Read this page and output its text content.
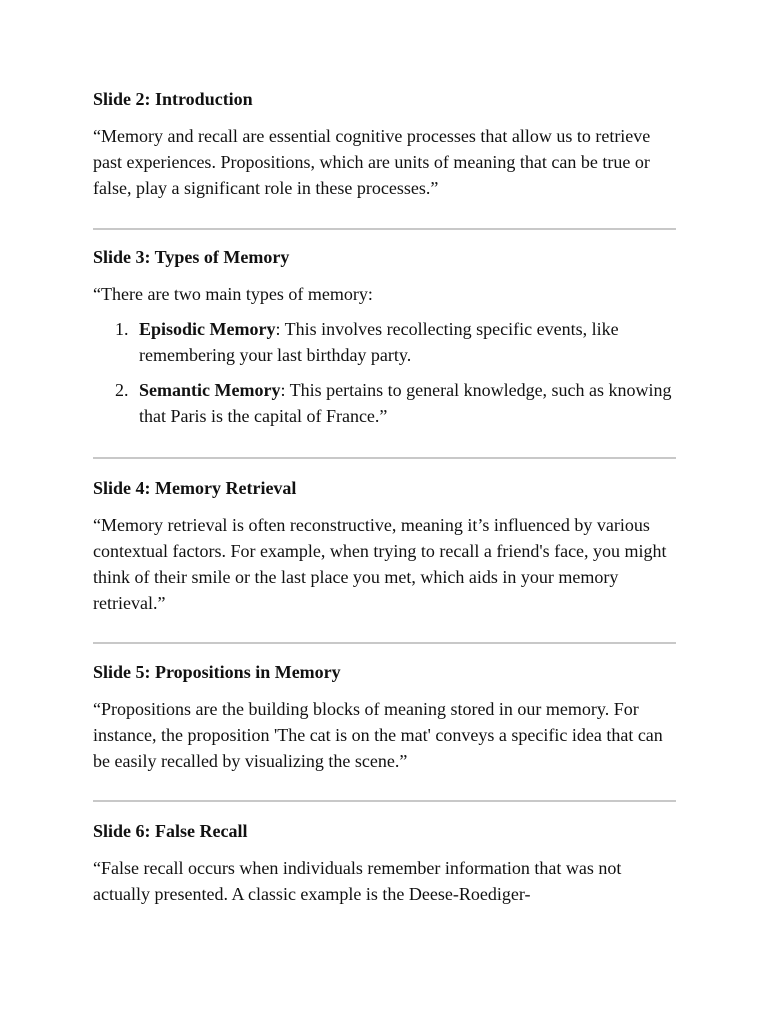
Slide 2: Introduction

“Memory and recall are essential cognitive processes that allow us to retrieve past experiences. Propositions, which are units of meaning that can be true or false, play a significant role in these processes.”

Slide 3: Types of Memory

“There are two main types of memory:

1. Episodic Memory: This involves recollecting specific events, like remembering your last birthday party.
2. Semantic Memory: This pertains to general knowledge, such as knowing that Paris is the capital of France.”
Slide 4: Memory Retrieval

“Memory retrieval is often reconstructive, meaning it’s influenced by various contextual factors. For example, when trying to recall a friend's face, you might think of their smile or the last place you met, which aids in your memory retrieval.”

Slide 5: Propositions in Memory

“Propositions are the building blocks of meaning stored in our memory. For instance, the proposition 'The cat is on the mat' conveys a specific idea that can be easily recalled by visualizing the scene.”

Slide 6: False Recall

“False recall occurs when individuals remember information that was not actually presented. A classic example is the Deese-Roediger-
